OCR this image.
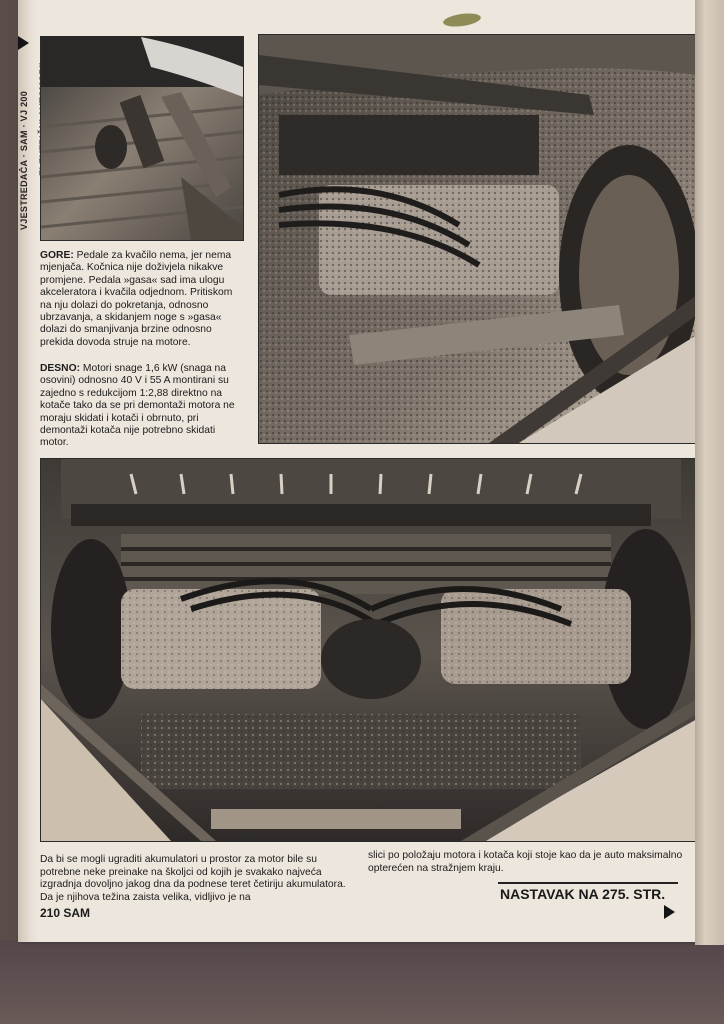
VJESTREDAČA · SAM · VJ 200

GORE: Pedale za kvačilo nema, jer nema mjenjača. Kočnica nije doživjela nikakve promjene. Pedala »gasa« sad ima ulogu akceleratora i kvačila odjednom. Pritiskom na nju dolazi do pokretanja, odnosno ubrzavanja, a skidanjem noge s »gasa« dolazi do smanjivanja brzine odnosno prekida dovoda struje na motore.

DESNO: Motori snage 1,6 kW (snaga na osovini) odnosno 40 V i 55 A montirani su zajedno s redukcijom 1:2,88 direktno na kotače tako da se pri demontaži motora ne moraju skidati i kotači i obrnuto, pri demontaži kotača nije potrebno skidati motor.

Da bi se mogli ugraditi akumulatori u prostor za motor bile su potrebne neke preinake na školjci od kojih je svakako najveća izgradnja dovoljno jakog dna da podnese teret četiriju akumulatora. Da je njihova težina zaista velika, vidljivo je na

slici po položaju motora i kotača koji stoje kao da je auto maksimalno opterećen na stražnjem kraju.

NASTAVAK NA 275. STR.
210 SAM
